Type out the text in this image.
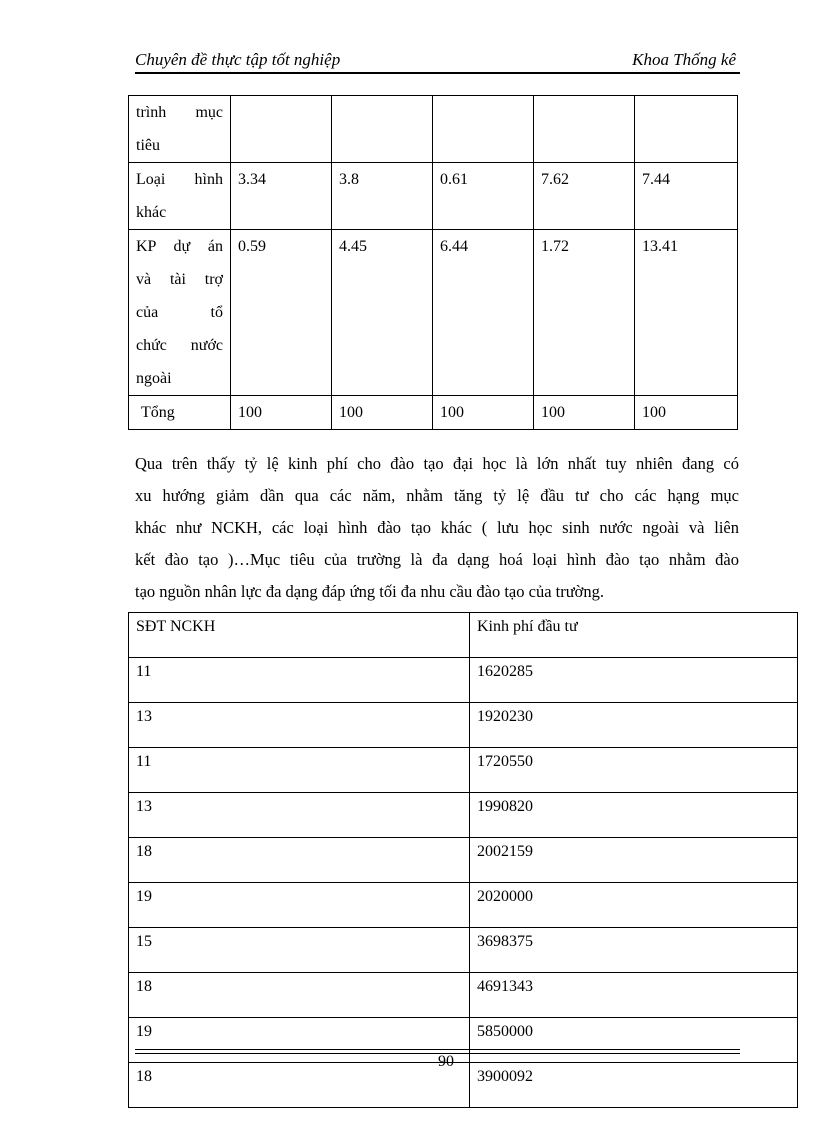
Chuyên đề thực tập tốt nghiệp	Khoa Thống kê
trình mục
tiêu					

Loại hình
khác	3.34	3.8	0.61	7.62	7.44

KP dự án
và tài trợ
của tổ
chức nước
ngoài	0.59	4.45	6.44	1.72	13.41
Tổng	100	100	100	100	100
Qua trên thấy tỷ lệ kinh phí cho đào tạo đại học là lớn nhất tuy nhiên đang có
xu hướng giảm dần qua các năm, nhằm tăng tỷ lệ đầu tư cho các hạng mục
khác như NCKH, các loại hình đào tạo khác ( lưu học sinh nước ngoài và liên
kết đào tạo )…Mục tiêu của trường là đa dạng hoá loại hình đào tạo nhằm đào
tạo nguồn nhân lực đa dạng đáp ứng tối đa nhu cầu đào tạo của trường.
SĐT NCKH	Kinh phí đầu tư
11	1620285
13	1920230
11	1720550
13	1990820
18	2002159
19	2020000
15	3698375
18	4691343
19	5850000
18	3900092
90
